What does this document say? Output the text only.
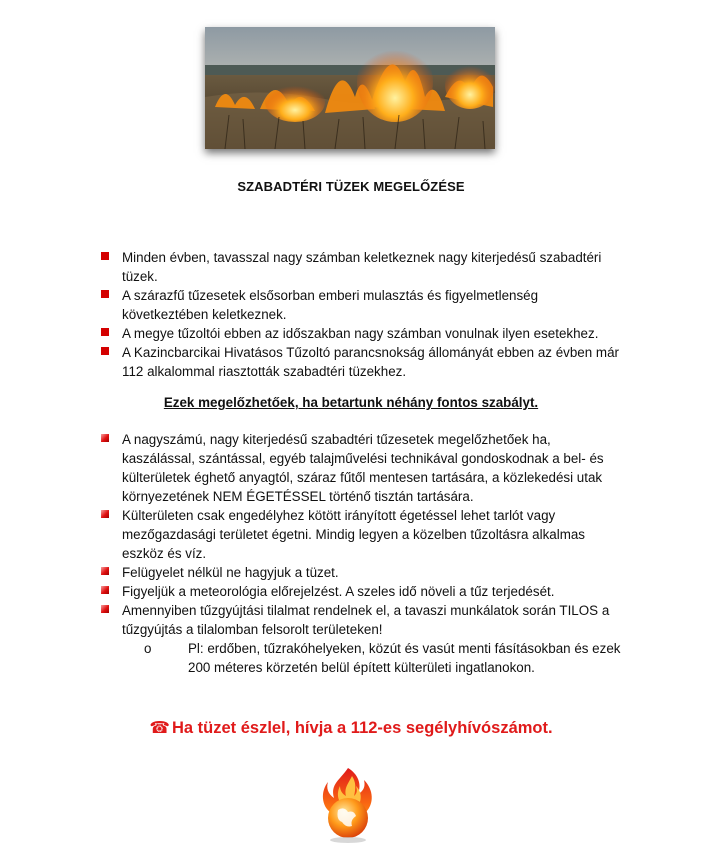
SZABADTÉRI TÜZEK MEGELŐZÉSE
Minden évben, tavasszal nagy számban keletkeznek nagy kiterjedésű szabadtéri tüzek.
A szárazfű tűzesetek elsősorban emberi mulasztás és figyelmetlenség következtében keletkeznek.
A megye tűzoltói ebben az időszakban nagy számban vonulnak ilyen esetekhez.
A Kazincbarcikai Hivatásos Tűzoltó parancsnokság állományát ebben az évben már 112 alkalommal riasztották szabadtéri tüzekhez.
Ezek megelőzhetőek, ha betartunk néhány fontos szabályt.
A nagyszámú, nagy kiterjedésű szabadtéri tűzesetek megelőzhetőek ha, kaszálással, szántással, egyéb talajművelési technikával gondoskodnak a bel- és külterületek éghető anyagtól, száraz fűtől mentesen tartására, a közlekedési utak környezetének NEM ÉGETÉSSEL történő tisztán tartására.
Külterületen csak engedélyhez kötött irányított égetéssel lehet tarlót vagy mezőgazdasági területet égetni. Mindig legyen a közelben tűzoltásra alkalmas eszköz és víz.
Felügyelet nélkül ne hagyjuk a tüzet.
Figyeljük a meteorológia előrejelzést. A szeles idő növeli a tűz terjedését.
Amennyiben tűzgyújtási tilalmat rendelnek el, a tavaszi munkálatok során TILOS a tűzgyújtás a tilalomban felsorolt területeken!
o	Pl: erdőben, tűzrakóhelyeken, közút és vasút menti fásításokban és ezek 200 méteres körzetén belül épített külterületi ingatlanokon.
☎ Ha tüzet észlel, hívja a 112-es segélyhívószámot.
